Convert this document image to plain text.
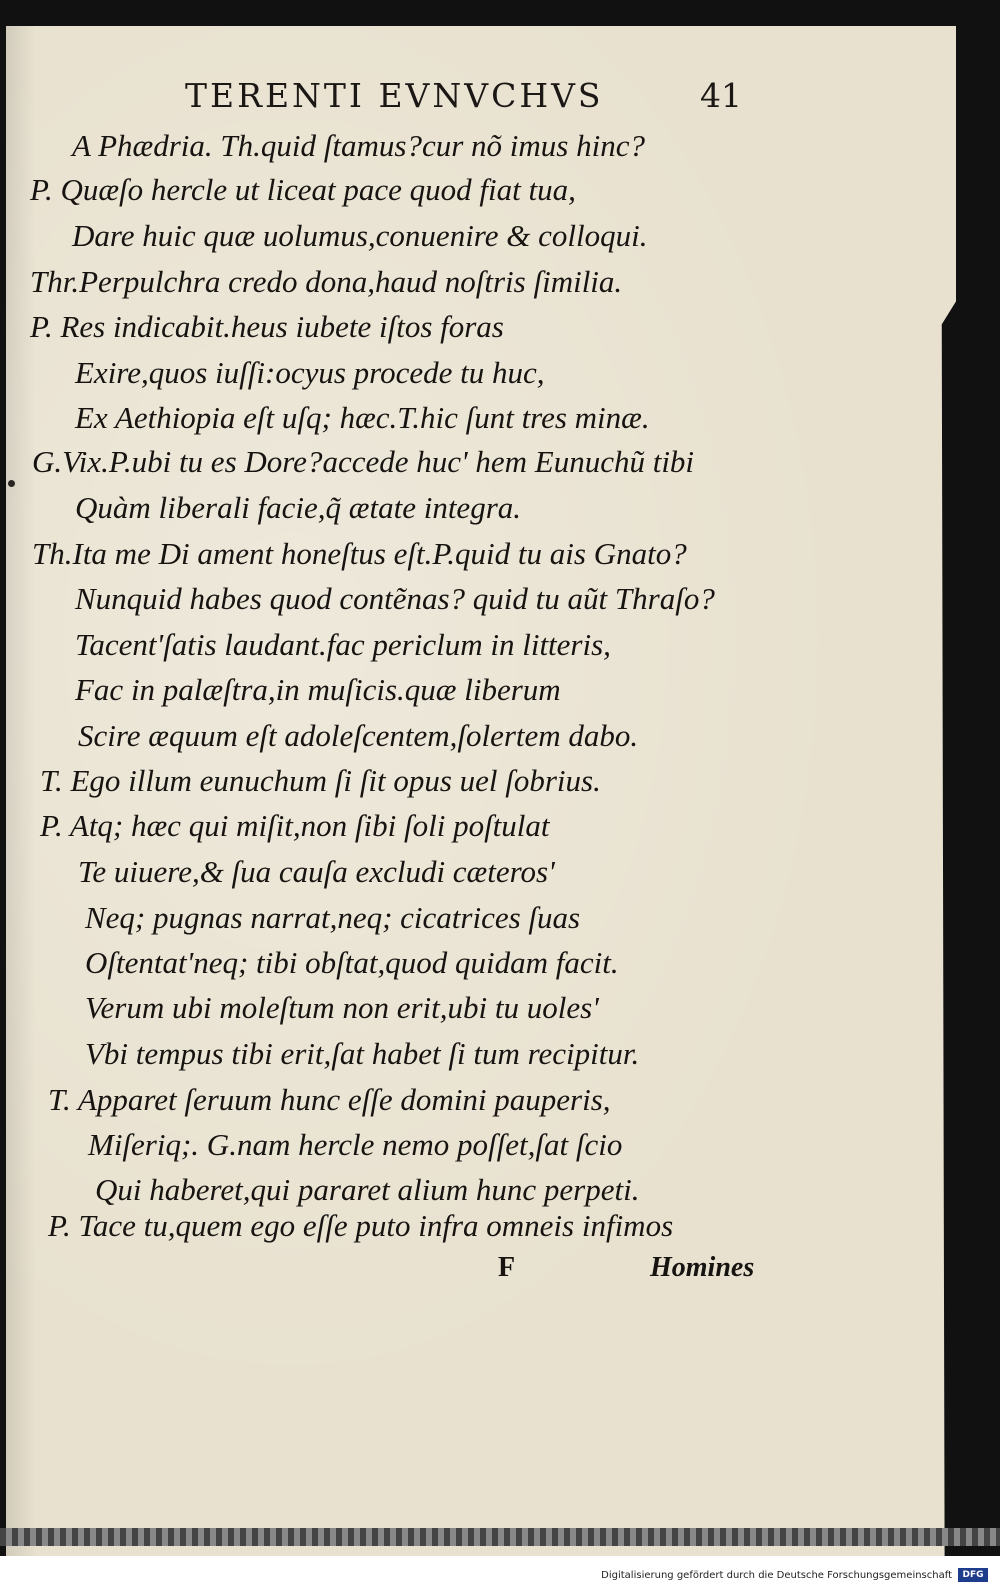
TERENTI EVNVCHVS	41
A Phædria. Th.quid ſtamus?cur nõ imus hinc?
P. Quæſo hercle ut liceat pace quod fiat tua,
Dare huic quæ uolumus,conuenire & colloqui.
Thr.Perpulchra credo dona,haud noſtris ſimilia.
P. Res indicabit.heus iubete iſtos foras
Exire,quos iuſſi:ocyus procede tu huc,
Ex Aethiopia eſt uſq; hæc.T.hic ſunt tres minæ.
G.Vix.P.ubi tu es Dore?accede huc' hem Eunuchũ tibi
Quàm liberali facie,q̃ ætate integra.
Th.Ita me Di ament honeſtus eſt.P.quid tu ais Gnato?
Nunquid habes quod contẽnas? quid tu aũt Thraſo?
Tacent'ſatis laudant.fac periclum in litteris,
Fac in palæſtra,in muſicis.quæ liberum
Scire æquum eſt adoleſcentem,ſolertem dabo.
T. Ego illum eunuchum ſi ſit opus uel ſobrius.
P. Atq; hæc qui miſit,non ſibi ſoli poſtulat
Te uiuere,& ſua cauſa excludi cæteros'
Neq; pugnas narrat,neq; cicatrices ſuas
Oſtentat'neq; tibi obſtat,quod quidam facit.
Verum ubi moleſtum non erit,ubi tu uoles'
Vbi tempus tibi erit,ſat habet ſi tum recipitur.
T. Apparet ſeruum hunc eſſe domini pauperis,
Miſeriq;. G.nam hercle nemo poſſet,ſat ſcio
Qui haberet,qui pararet alium hunc perpeti.
P. Tace tu,quem ego eſſe puto infra omneis infimos
F	Homines
Digitalisierung gefördert durch die Deutsche Forschungsgemeinschaft	DFG
